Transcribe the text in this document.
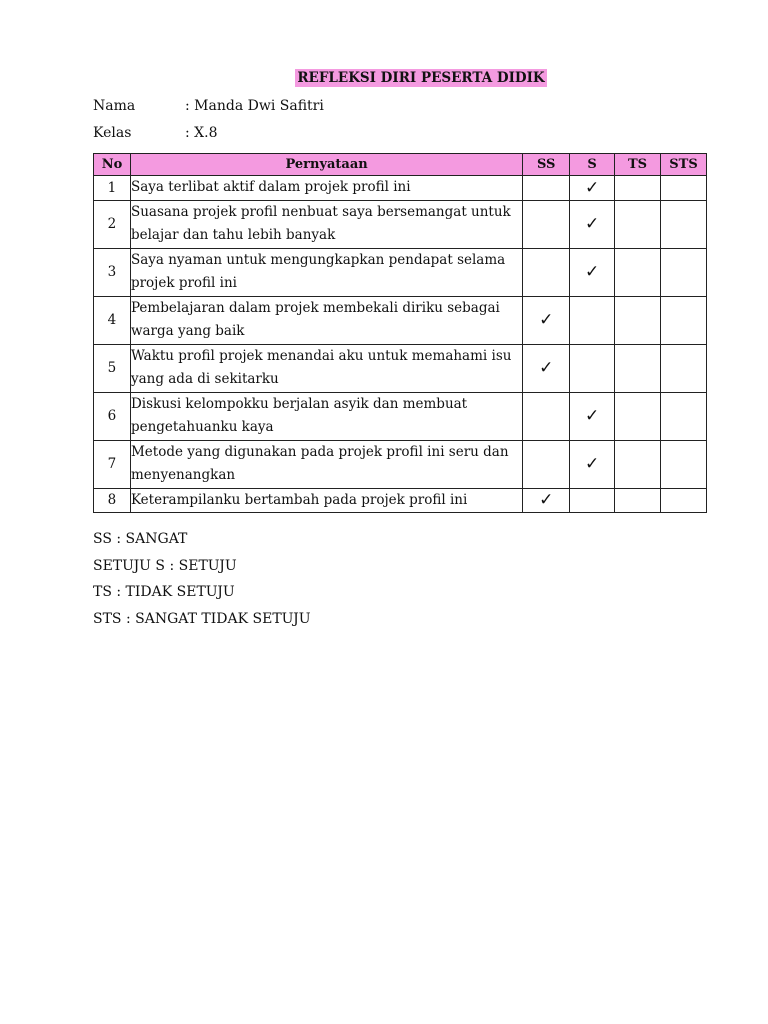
REFLEKSI DIRI PESERTA DIDIK
Nama	: Manda Dwi Safitri
Kelas	: X.8
No	Pernyataan	SS	S	TS	STS
1	Saya terlibat aktif dalam projek profil ini		✓		
2	Suasana projek profil nenbuat saya bersemangat untuk belajar dan tahu lebih banyak		✓		
3	Saya nyaman untuk mengungkapkan pendapat selama projek profil ini		✓		
4	Pembelajaran dalam projek membekali diriku sebagai warga yang baik	✓			
5	Waktu profil projek menandai aku untuk memahami isu yang ada di sekitarku	✓			
6	Diskusi kelompokku berjalan asyik dan membuat pengetahuanku kaya		✓		
7	Metode yang digunakan pada projek profil ini seru dan menyenangkan		✓		
8	Keterampilanku bertambah pada projek profil ini	✓			
SS : SANGAT
SETUJU S : SETUJU
TS : TIDAK SETUJU
STS : SANGAT TIDAK SETUJU
